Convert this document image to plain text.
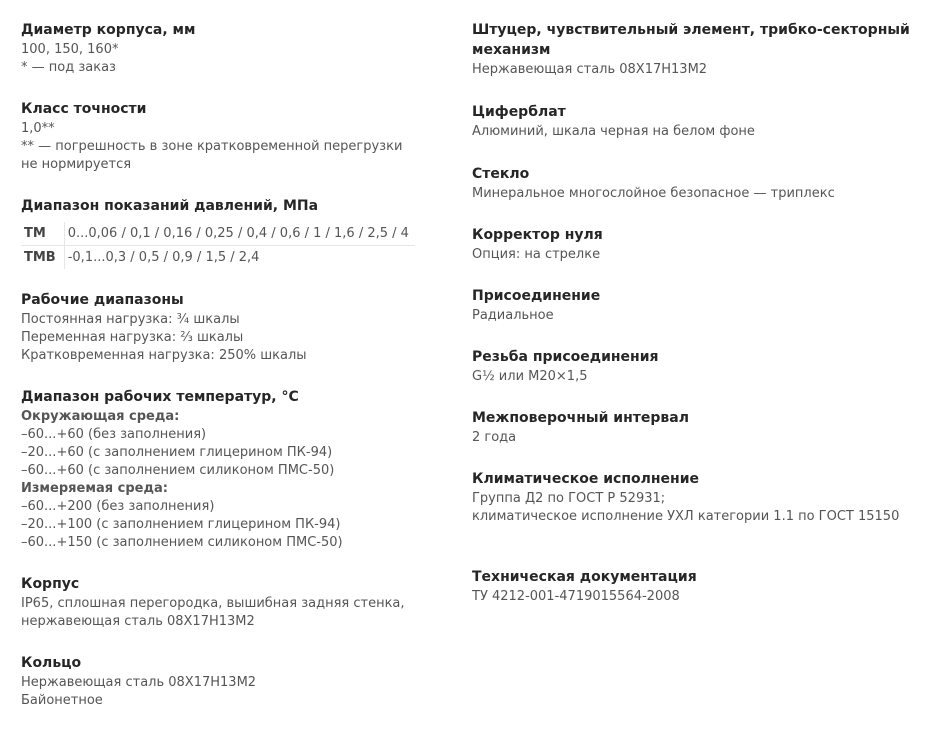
Диаметр корпуса, мм
100, 150, 160*
* — под заказ
Класс точности
1,0**
** — погрешность в зоне кратковременной перегрузки
не нормируется
Диапазон показаний давлений, МПа
ТМ	0...0,06 / 0,1 / 0,16 / 0,25 / 0,4 / 0,6 / 1 / 1,6 / 2,5 / 4
ТМВ	-0,1...0,3 / 0,5 / 0,9 / 1,5 / 2,4
Рабочие диапазоны
Постоянная нагрузка: ¾ шкалы
Переменная нагрузка: ⅔ шкалы
Кратковременная нагрузка: 250% шкалы
Диапазон рабочих температур, °С
Окружающая среда:
–60...+60 (без заполнения)
–20...+60 (с заполнением глицерином ПК-94)
–60...+60 (с заполнением силиконом ПМС-50)
Измеряемая среда:
–60...+200 (без заполнения)
–20...+100 (с заполнением глицерином ПК-94)
–60...+150 (с заполнением силиконом ПМС-50)
Корпус
IP65, сплошная перегородка, вышибная задняя стенка,
нержавеющая сталь 08Х17Н13М2
Кольцо
Нержавеющая сталь 08Х17Н13М2
Байонетное
Штуцер, чувствительный элемент, трибко-секторный
механизм
Нержавеющая сталь 08Х17Н13М2
Циферблат
Алюминий, шкала черная на белом фоне
Стекло
Минеральное многослойное безопасное — триплекс
Корректор нуля
Опция: на стрелке
Присоединение
Радиальное
Резьба присоединения
G½ или М20×1,5
Межповерочный интервал
2 года
Климатическое исполнение
Группа Д2 по ГОСТ Р 52931;
климатическое исполнение УХЛ категории 1.1 по ГОСТ 15150
Техническая документация
ТУ 4212-001-4719015564-2008
